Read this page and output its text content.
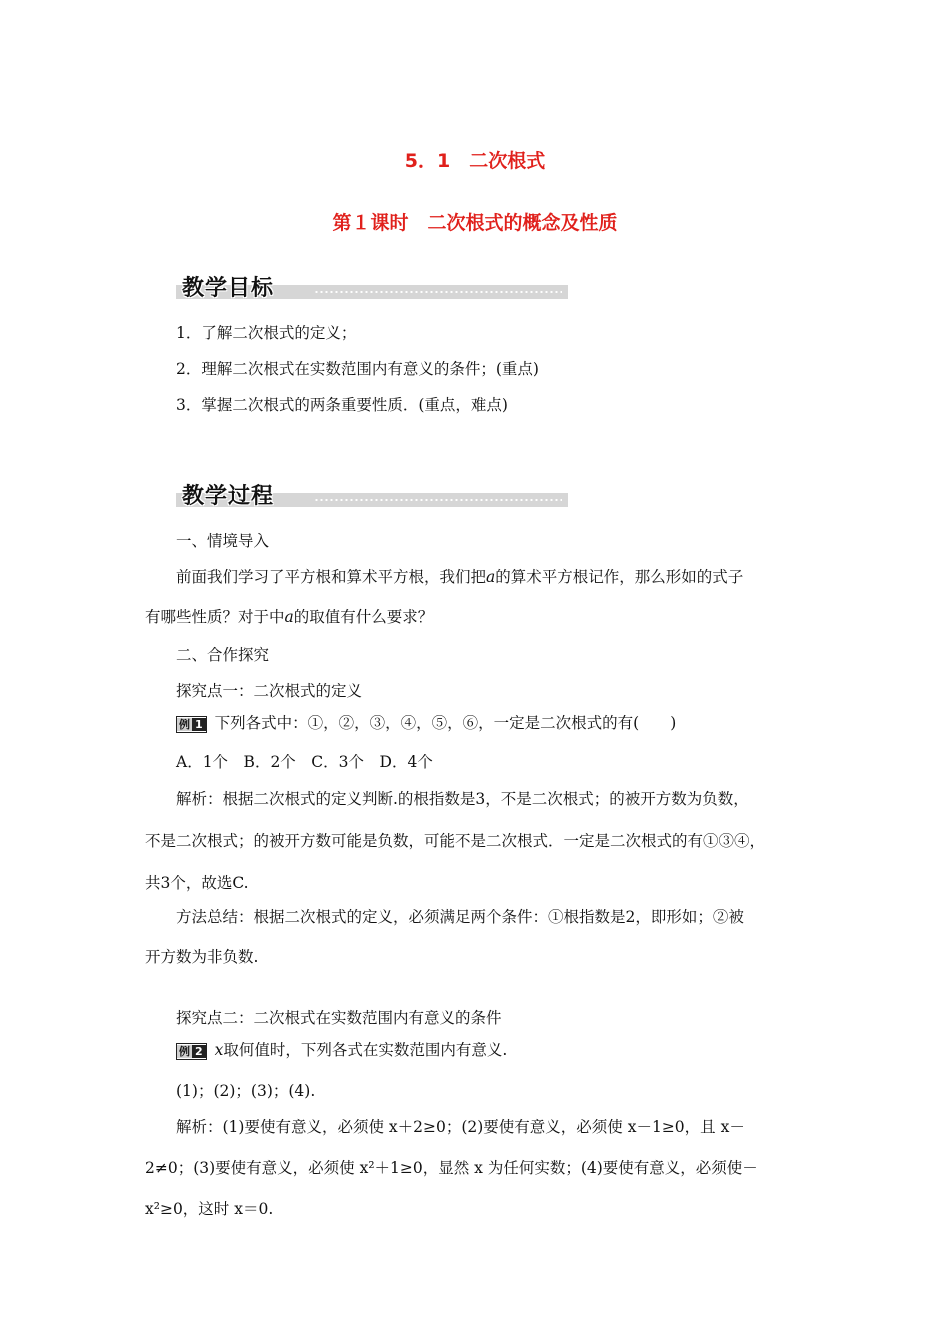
5．1　二次根式
第１课时　二次根式的概念及性质
教学目标
1．了解二次根式的定义；
2．理解二次根式在实数范围内有意义的条件；(重点)
3．掌握二次根式的两条重要性质．(重点，难点)
教学过程
一、情境导入
前面我们学习了平方根和算术平方根，我们把a的算术平方根记作，那么形如的式子
有哪些性质？对于中a的取值有什么要求？
二、合作探究
探究点一：二次根式的定义
例 1 下列各式中：①，②，③，④，⑤，⑥，一定是二次根式的有(　　)
A．1个　B．2个　C．3个　D．4个
解析：根据二次根式的定义判断.的根指数是3，不是二次根式；的被开方数为负数，
不是二次根式；的被开方数可能是负数，可能不是二次根式．一定是二次根式的有①③④，
共3个，故选C.
方法总结：根据二次根式的定义，必须满足两个条件：①根指数是2，即形如；②被
开方数为非负数.
探究点二：二次根式在实数范围内有意义的条件
例 2 x取何值时，下列各式在实数范围内有意义.
(1)；(2)；(3)；(4).
解析：(1)要使有意义，必须使 x＋2≥0；(2)要使有意义，必须使 x－1≥0，且 x－
2≠0；(3)要使有意义，必须使 x²＋1≥0，显然 x 为任何实数；(4)要使有意义，必须使－
x²≥0，这时 x＝0.
